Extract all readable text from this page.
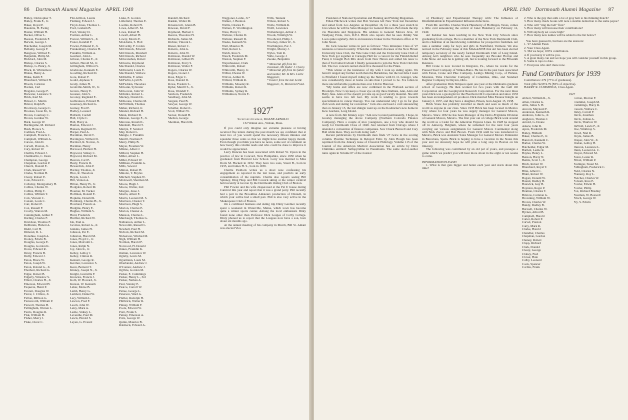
86 Dartmouth Alumni Magazine APRIL 1940
Bailey, Christopher T.
Bailey, Frank E., Jr.
Baker, Royal P.
Baudette, H. Ewing
Baxter, William H.
Becker, Oliver L.
Beeson, Frederick F.
Berwin, George J.
Batchelder, Joseph M.
Bellamy, George F.
Bengtson, Wilfred E.
Benjamin, Philip M.
Bickford, John M.
Bishop, Charles S.
Bishop, G. Henry, Jr.
Black, R. Whittemore
Blaine, Henry A.
Blake, Keith F.
Blanchard, Willard H.
Bloom, Carleton
Borden, Carl
Bragdon, George F.
Brewster, Laurence T.
Brick, Karl M.
Brissel, C. Martin
Bristol, Ralph B.
Brockway, George C.
Brookes, Jason M., Jr.
Brown, Courtney C.
Brown, Gardner W.
Burk, George W.
Burlingame, M. Richard
Bush, Horace S.
Cadman, Fred A.
Campbell, Francis C.
Campbell, William A.
Carson, John D.
Carvell, Preston, Jr.
Cary, Robert W.
Chaffin, Edward J.
Chamberlin, C. Dean
Champion, George
Chapman, Gordon P.
Church, Donald E.
Clark, Russell W.
Clarke, Norman B.
Cleary, Robert E.
Cole, Edward C.
Colladay, Montgomery H.
Collins, Charles W.
Collins, Philip T.
Collins, William T.
Cols, Vincent C.
Conant, Louis C.
Carr, Robert P.
Cox, Russell F.
Crosby, Warren M.
Cunningham, Arthur F.
Darling, Charles F.
Davidson, Thomas F.
DeMarais, Hubert A.
Diehl, Carl H.
Dimond, D. L.
Donohue, Joseph A.
Dooley, Edwin B.
Douglas, George E.
Douglas, Gordon K.
Dowe, Edward R.
Drury, Francis B.
Duffy, Edward J.
Eaton, Bruce W.
Eaton, Joseph W.
Eaton, Roland G., Jr.
Eberhart, Richard G.
Edgar, Robert B.
Edgerly, Winslow S.
Elliott, Charles H., Jr.
Emerson, Edward H.
Esquerre, Henri P.
Everett, Douglas W.
Farrar, J. Clifton, Jr.
Fallon, Millson G.
Farnsworth, William P.
Farwell, Thomas B.
Fellingham, Warren L.
Ferris, Douglas R.
Fisk, William B.
Fisher, Merry J.
Fiske, Oscar C.
Fitz-Gibbon, Laurie
Fleming, Edward J.
Floyd-Jones, Thomas L.
Ford, Graham B.
Ford, Wesley D.
Forman, Arthur L.
Forrest, William S., Jr.
Foster, Kendall F.
Fowler, Edmund P., Jr.
Frankenberg, Charles H.
Franklin, William A.
Gearhart, John L.
Gibson, Charles E., Jr.
Gilbert, Harold M., Jr.
Gillingham, Wilfred S.
Gladstone, Kenneth E.
Goodling, Richard D.
Gore, Robert F.
Gould, Alpheus T.
Grady, James H.
Granville-Smith, W., Jr.
Graves, Henry E.
Greener, John S.
Grooley, Reginald E.
Gulbranson, Edward H.
Guernsey, Richard G.
Gurney, Fred P.
Hadley, Leonard
Halfield, Cardell
Hall, Clyde C.
Hall, Harry A.
Hanlon, Edward J.
Hansen, Reginald W.
Harper, Paul A.
Harriman, David T.
Harrington, Wilbert D.
Hartford, R. Norton, Jr.
Hartman, Henry
Harwood, Herbert H.
Hayward, Sidney C.
Hayward, Richard M.
Heaven, Carl E.
Healy, Francis D.
Hewerdick, John P.
Hartley, Thomas, Jr.
Hice, R. Theodore
Heyde, Louis J.
Hill, Vernon A.
Hilton, Henry H., Jr.
Hodgdon, Robert M.
Hoerner, M. Tucker
Hoffman, Donald E.
Hopkins, Donald R.
Hornburg, Charles H., Jr.
Howland, Francis A.
Hudgins, Henry E.
Hughes, William S.
Hurd, Frederick
Hurlbut, Richard W.
Ide, Paul A.
Jacobus, Robert A., Jr.
Jenkins, James H.
Johnson, Per E.
Johnston, Harold M.
Jones, Floyd C., Jr.
Jones, Malcolm L.
Jones, Ralph N.
Joy, John K., Jr.
Kelley, LeRoy J.
Kelley, Clinton R.
Kennett, George R.
Kercher, Lawrence S.
Keon, Bernard T.
Kinney, Joseph N., Jr.
Knight, Granville F.
Knowles, Francis J.
Kolb, W. Howard, Jr.
Kurson, W. Kenneth
Lahar, Moise B.
Lamb, Henry G.
Lambert, Daniel W.
Lary, William L.
Lawton, Fred F.
Leach, John W.
Leisy, Mark A.
Leslie, Sidney L.
Leventhe, Paul M.
Lewis, Harold S.
Leyen, G. Everett
Liske, E. Gordon
Littlefield, Thomas E.
Loomis, Robert H.
Lowe, Albert E. M.
Lowe, Robert H.
Lowell, Albert H.
Lowry, Morris E.
McAdams, S. Holt
McCarthy, F. Jordan
McClintock, Edward
McClintock, Marshall
McClintock, Richard
McGranahan, Robert
McGuire, Raymond
MacDonald, Charles
McDonald, Louis E.
MacDonald, Wallace
McDuffie, F. Allen
McFarlin, Lyall B.
McFadden, Theodore
McGann, Sylvester
McGowan, John W.
McIntire, Robert L.
Mackey, Donald K.
McKeone, Charles M.
McWilliam, Thomas
Maher, Richard, Jr.
Mandel, Richard H.
Mann, Richard D.
Manson, George F., Jr.
Marceau, Ronald L.
Marshall, Harold T.
Martyn, F. Sanford
May, Robert L.
Mengle, J. Franklin
Merrill, Norman F.
Merry, Philip B.
Meyer, Freeman W.
Milano, Albert J.
Millard, Stephen H.
Miller, Albert L.
Miller, Edward W.
Millikan, Franklin A.
Mills, Seward
Minton, Robert H.
Minotte, T. Boyles
Mitchell, Stephen W.
Mcdowell, Sherman M.
Moore, Hugh J.
Moore, Walter, 2nd
Morgan, Jesse J.
Morris, Albert E.
Morris, Leonard M. S.
Morrison, Chester T.
Morrison, Hugh S.
Morton, Charles E.
Morton, Chester A.
Munson, Charles L.
Murdough, Thomas G.
Nathanson, Arthur L.
Newcomb, Russell L.
Newhall, Paul H.
Nichols, Richard M.
Nickerson, Winfred M.
Nigh, William H.
Norman, Harold F.
Norwood, H. Donald
Oakes, Franklin K.
Osmun, Lawrence W.
Ogleby, Lewis M.
Ogormann, Louis M.
Oberlander, Andrew J.
O'Connor, Andrew J.
Oglivie, Gordon M.
Parker, E. Cummings
Parker, Henry L., 3rd
Parker, Nathan A.
Paul, Stanley E.
Pearce, Carroll W.
Pettee, George L.
Peterson, Ward A.
Pfeffer, Rudolph H.
Philbrick, Walter R.
Pinney, William F.
Poole, Edward W.
Pratt, Frank S.
Putney, Emerson A.
Potts, George W.
Quinn, Maurice B.
Raisbeck, Edward A.
Randall, Richard
Rankin, Walter M.
Ravenscroft, Glenn B.
Rawson, David F.
Raymond, Herbert J.
Reeves, Theodore H.
Richards, James M.
Richter, Vincent L.
Rieser, Robert C.
Roberts, John G.
Roberts, John W.
Robinson, Donald W.
Robinson, Gilbert H.
Robinson, Percy S.
Robinson, Walter F.
Rogers, Charles W.
Rogers, Lionel J.
Ross, Edgar C.
Ross, Donald D.
Rowe, Frederic L.
Ryder, Merrill S., Jr.
Rose, Wendell T.
Sanborn, Frederick
Sandberg, John M.
Sargent, Paul B.
Sawyer, George W.
Schaffer, Robert L.
Scott, Wilbert W.
Seaver, Donald B.
Shelton, George
Sherman, Harold R.
Waggoner, Leslie, Jr.*
Walker, J. Brenton
Wallis, Charles E.
Walters, E. Worthington
Ware, Harry C.
Webster, Charles D.
Webster, Russell D.
Weeks, Kenneth W.
Weil, Maurice H.
Weil, Robert L.
Welch, Ross S.
Wesch, Frederick M.
Weston, Stephen F.
Weyerhaeuser, Clark
Whitcomb, Robert
Whitcomb, Henry, Jr.
Wilbur, Dwane W.
Wilcox, Arthur D.
Willard, William R.
Williams, Moseley R.
Williams, Robert R.
Williams, Sydney R.
Williamson, Norris E.
Wills, Tennant
Wilson, Robert S.
Wolfe, William R.
Wolff, Lawrence
Wollenberger, Arthur J.
Woods, Winfrigh W.
Woodward, Philip J.
Woolsey, James W., Jr.
Worthington, Ear J.
Wright, Murray J.
Wyles, Tom R.
Yaffe, George J.
Zeeske, Benjamin
* Memorial gift from his classmate, Mr. Kaber J. Cleary.
* Memorial gift from his father and mother, Mr. & Mrs. Leslie Waggoner.
* Insurer from the late Leslie Waggoner, Jr., Memorial Fund.
1927*
Secretary-Chairman, DOANE ARNOLD
132 Walnut Ave., Wabun, Mass.

If you could only imagine our extreme pleasure at having received five letters during the past month we are confident that at least two of you would spend the necessary fifteen minutes and squander three cents so that we might have another happy month. Even though you think you have no news, some sort of comment on how heavy this column reads and who could be done to improve it would be appreciated.

Larry Duncan has been associated with Robert W. Upton in the practice of law in Concord, New Hampshire, since 1930 when he graduated from Harvard Law School. Larry was married to Miss Doris M. Hackett in 1932. They have two sons, Stuart B., born in 1933, and James H. S., born in 1939.

Charlie Paddock writes us a short note confessing his engagement as reported in the last issue, and predicts an early consummation of the nuptials. Charlie also reports seeing Bill Spinney, Ding Hasp and Bill Cossick skiing at the winter carnival held recently at Groton by the Dartmouth Outing Club of Boston.

Phil Fowler and his wife chaperoned at the Psi U house during Carnival this year and report that it was a grand party. Phil recently had a part in the Brookline Amateurs production of Disraeli, in which your scribe had a small part. Phil is also very active in the Shakespeare Club of Boston.

On a combined business and skiing trip Dinty Gardner recently spent a weekend in Waterville, Maine, which town has become quite a winter sports center. Among the local enthusiasts Dinty found none other than Professor Dick Lougee of Colby College. Dinty phoned us to report that the Lougees now have a son, born about six months ago.

At the annual meeting of his company in March, Bill St. Amant was elected Vice

APRIL 1940 Dartmouth Alumni Magazine 87

President of National Sportsman and Hunting and Fishing Magazines.

Ethan Hitchcock writes that Bob Stevens left New York last December and sailed from Los Angeles on December 16, for a three year stretch in Java where he will be Sales Manager for General Motors. Bob made the trip via Honolulu and Singapore. His address is General Motors Java, 10 Tandjong Priok, Java, D.E.I. Hitch also reports that he sees Jimmy Van Loon quite regularly. Jim is an insurance broker in the Travelers office at 55 John Street.

Dr. Jack Greener writes in part as follows: "Two miniature Class of '27 reunions occurred recently. When the combined choruses of the New Haven University Glee Club, the Yale Glee Club and the University Glee Club of New York got together at Carnegie Hall for a concert for the Finnish Relief Fund, it brought Bob Mix down from New Haven and added his tenor to that of Ted Gitteril whom I finally persuaded to join the New York Club this fall. The two concerts netted about five thousand for the Finns.

"This winter at the insistence of my wife I took up skiing again. We haven't ranged any further north than the Berkshires, but the last time I went to Pittsfield I found myself riding up the Skitow with D. O. Granger, who was considerably more at home on skis than I proved to be. I've fallen in more uncomfortable positions than ever I did in Hanover.

"My home and office are now combined in the Flatbush section of Brooklyn. Now I can keep a closer eye on my three lindians, Ann, Alan and Betty Jane. Alan at five doesn't yet size up as good varsity material. She still seems to have two left feet. My work is tending to grow towards specialization in cancer therapy. You can understand why I go in for glee club work and skiing for recreation." Jack also enclosed a card announcing that on January 13, the last shingle went up on the Koehncke's new home in Kew Gardens, Long Island.

A note from Jim Kinney says: "Am now located permanently, I hope, in Greeley managing the above Company (Northern Colorado Finance Company). Have a couple of nice youngsters, one a boy who should be ready for Dartmouth Class of 1949. Just returned from Chicago where I attended a convention of finance companies. Saw Chuck Burwell and Cary Ball while there. They are both doing well."

Recent publications by Dartmouth men finds '27 twice in the scoring column. Plastine Technique in Delayed Exits by John Hough has been reprinted from the January issue of Classical Philology. Volume 113 of the Journal of the American Medical Association has an article by Dave Chiminko entitled: Sulfapyridine in Pneumonia. The same doctor-author turns again in Volume 67 of the Journal

of Pharmacy and Experimental Therapy with: The Influence of Dinifamilamide in Experimental Influenza Infections.

From Mr. and Mrs. Charles Slack Hunsberry of Hollingen, Texas, comes a little card announcing the arrival of Janet Hunsberry on February 12, 1940.

Art Kelsher has been teaching in the New York City Schools since graduating from college. He is a member of the New York Dartmouth Club, and is chairman of an interviewing committee for prospective freshmen. Art runs a summer camp for boys and girls in Northfield, Vermont. We also noticed in the February issue of this MAGAZINE that Art has been elected temporary secretary of the newly formed Dartmouth Club of Long Island. Among Art's neighbors who he sees frequently are Brooker Horton and John Shaw. Art sees he is getting old, but is looking forward to the Fifteenth Reunion.

Bill Crane is now located in Kingston, Pa., where he works for the Pressed Steel Company of Wilkes-Barre. He has in the past been associated with Eaton, Crane and Pike Company, Lealigo Mining Corp., of Helena, Montana, Time Chevalier Company of Columbus, Ohio, and Standard Register Company in Dayton, Ohio.

After graduation Dick Simpson spent one year at the Oklahoma graduate school of Geology. He then worked for two years with the Gulf Oil Corporation and the Geophysical Research Corporation. For the next three years Dick was a geologist for the Fleetborn Oil Corporation and since 1933 has been an independent oil producer. Dick married Miss Eleanor Kinglu on January 2, 1937, and they have a daughter, Eileen, born August 13, 1938.

Brick Stone has probably travelled as much and seen as much of the world as anyone in our class. Since 1933 Brick has been located in Mexico City where for four years he was supply manager for General Motors, Mexico. Since 1932 he has been Manager of the Delco-Frigidaire Division of General Motors, Mexico. The first year out of college Brick went around the world as a Cadet for the American Express Lines. In 1928 he stopped off in Antwerp, Belgium, where he remained for the next four years carrying out various assignments for General Motors Continental along with Nick Zucco and Bob Brown. From 1932 until he was transferred to Mexico, Brick was Assistant Sales Manager for General Motors Peninsular in Barcelona, Spain. Brick is hoping to have a vacation in the States this year and we sincerely hope he will plan a long stop in Boston on his itinerary.

The following was contributed by an old pal of yours, and presages a game which we predict you will hear more about in the eight or ten weeks to come.

INFORMATION PLEASE!

1. What is that gets bigger and better each year and starts about this time?

2. Who is the guy that adds a lot of gray hair to his thinning thatch?
3. How many check books will note a sizable deduction to the same payee?
4. Who will "ring the bell" first?
5. How many will increase their contributions?
6. Will anybody set a new high?
7. How many new names will be added to the list below?

You have guessed it, but here are the answers:

1. '27 Alumni Fund.
2. Your Class Agent.
3. 364 we hope; 100% contributors.
4. If you hurry it will be you.
5. A great many can and we hope you will consider yourself in this group.
6. Some is topo to date.
7. Everyone who ain't there now.
Fund Contributors for 1939
Contributors: 279 (77% of graduates).
Total gifts: $2,874.79 (83% of objective).
HARRY R. CUMMINGS, Class Agent.
1927
Abbott, William R., Jr.
Allen, Charles G.
Allis, Julius S. H.
Ancorn, Maynard F.
Anderson, Kenneth R.
Andrews, John G., Jr.
Angleton, Thomas J.
Arnold, G. Doane
Askew, John D.
Ayers, Frederick M.
Bailey, Hildreth
Baker, Charles P., Jr.
Bancroft, Kenneth C.
Barber, Charles W.
Batchelder, Edgar M.
Bartlett, Leslie R.
Bayles, Henry L.
Benson, Harry N.
Bemis, Scott J., Jr.
Birch, Robert W.
Blanchard, Royal T.
Bliss, Albert C.
Blunt, Robert W.
Bogart, Donald W.
Bound, Dudley B.
Bouwick, Guy B.
Boynton, Roger P.
Braman, Charles T.
Bristow, Carleton G.
Browning, William W.
Brown, Charles W.
Bundy, Dudley B.
Burwell, Charles W.
Byrnes, Alfred B.
Campbell, Harold
Carter, Robert P.
Carvel, Preston
Carty, Mark R.
Clarke, Harold
Chandler, Charles
Chapman, Gordon
Cheney, Robert
Clapp, Richard
Clark, Donald
Cleary, George
Clohey, Fred
Clover, Hale
Colby, Leonard
Cook, Spencer
Corliss, Frank
Cotton, Morton F.
Crummet, Joseph M.
Cummings, Harry R.
Cusack, Wallace C.
Daley, Carroll F.
Davis, Jonathan
Davis, Joshua A.
Davis, Thurlow W.
DeWolf, Lewis F., Jr.
Doe, Winthrop S.
Dowd, Niel R.
Doyle, James B.
Draper, John W., Jr.
Drelan, LeRoy H.
Duncan, Laurence L.
Dunn, Leonard A. C.
Dwyer, Edward M.
Eaton, Lester R.
Elliott, William P.
Esslinger, Stuart M.
Fallingham, Frederick C.
Field, Charles N.
Flannery, Roy L.
Fletcher, Charles W.
Folsom, Ross E.
Fowler, Edwin H.
Fowler, Philip
Fox, Richard Bradley
Freeman, W. Boswell
Frisch, George W.
Fry, S. Edwin
